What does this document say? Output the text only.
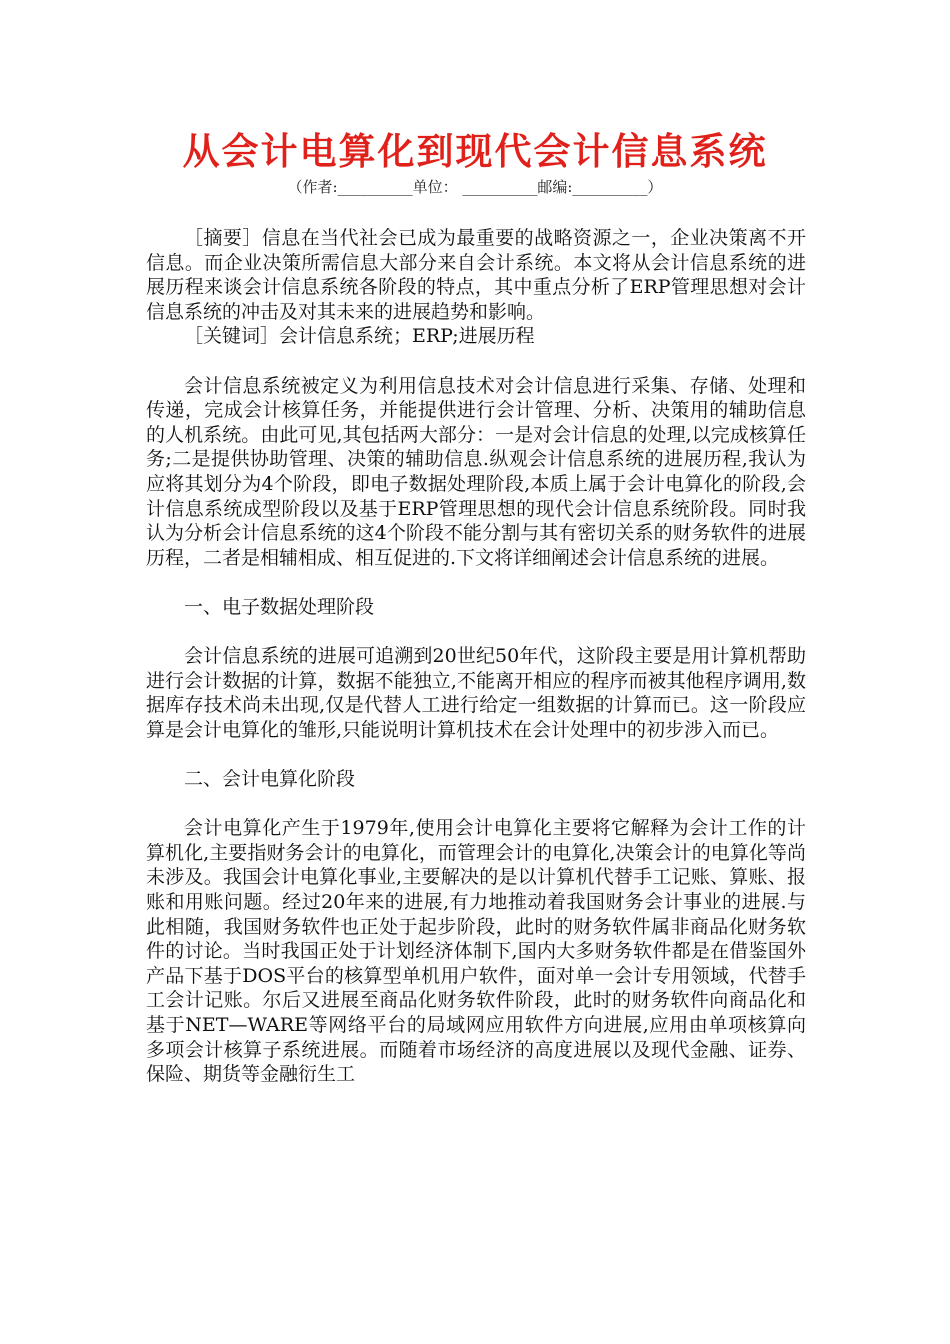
从会计电算化到现代会计信息系统
（作者:__________单位： __________邮编:__________）

［摘要］信息在当代社会已成为最重要的战略资源之一，企业决策离不开信息。而企业决策所需信息大部分来自会计系统。本文将从会计信息系统的进展历程来谈会计信息系统各阶段的特点，其中重点分析了ERP管理思想对会计信息系统的冲击及对其未来的进展趋势和影响。

［关键词］会计信息系统；ERP;进展历程

会计信息系统被定义为利用信息技术对会计信息进行采集、存储、处理和传递，完成会计核算任务，并能提供进行会计管理、分析、决策用的辅助信息的人机系统。由此可见,其包括两大部分：一是对会计信息的处理,以完成核算任务;二是提供协助管理、决策的辅助信息.纵观会计信息系统的进展历程,我认为应将其划分为4个阶段，即电子数据处理阶段,本质上属于会计电算化的阶段,会计信息系统成型阶段以及基于ERP管理思想的现代会计信息系统阶段。同时我认为分析会计信息系统的这4个阶段不能分割与其有密切关系的财务软件的进展历程，二者是相辅相成、相互促进的.下文将详细阐述会计信息系统的进展。

一、电子数据处理阶段

会计信息系统的进展可追溯到20世纪50年代，这阶段主要是用计算机帮助进行会计数据的计算，数据不能独立,不能离开相应的程序而被其他程序调用,数据库存技术尚未出现,仅是代替人工进行给定一组数据的计算而已。这一阶段应算是会计电算化的雏形,只能说明计算机技术在会计处理中的初步涉入而已。

二、会计电算化阶段

会计电算化产生于1979年,使用会计电算化主要将它解释为会计工作的计算机化,主要指财务会计的电算化，而管理会计的电算化,决策会计的电算化等尚未涉及。我国会计电算化事业,主要解决的是以计算机代替手工记账、算账、报账和用账问题。经过20年来的进展,有力地推动着我国财务会计事业的进展.与此相随，我国财务软件也正处于起步阶段，此时的财务软件属非商品化财务软件的讨论。当时我国正处于计划经济体制下,国内大多财务软件都是在借鉴国外产品下基于DOS平台的核算型单机用户软件，面对单一会计专用领域，代替手工会计记账。尔后又进展至商品化财务软件阶段，此时的财务软件向商品化和基于NET—WARE等网络平台的局域网应用软件方向进展,应用由单项核算向多项会计核算子系统进展。而随着市场经济的高度进展以及现代金融、证券、保险、期货等金融衍生工
